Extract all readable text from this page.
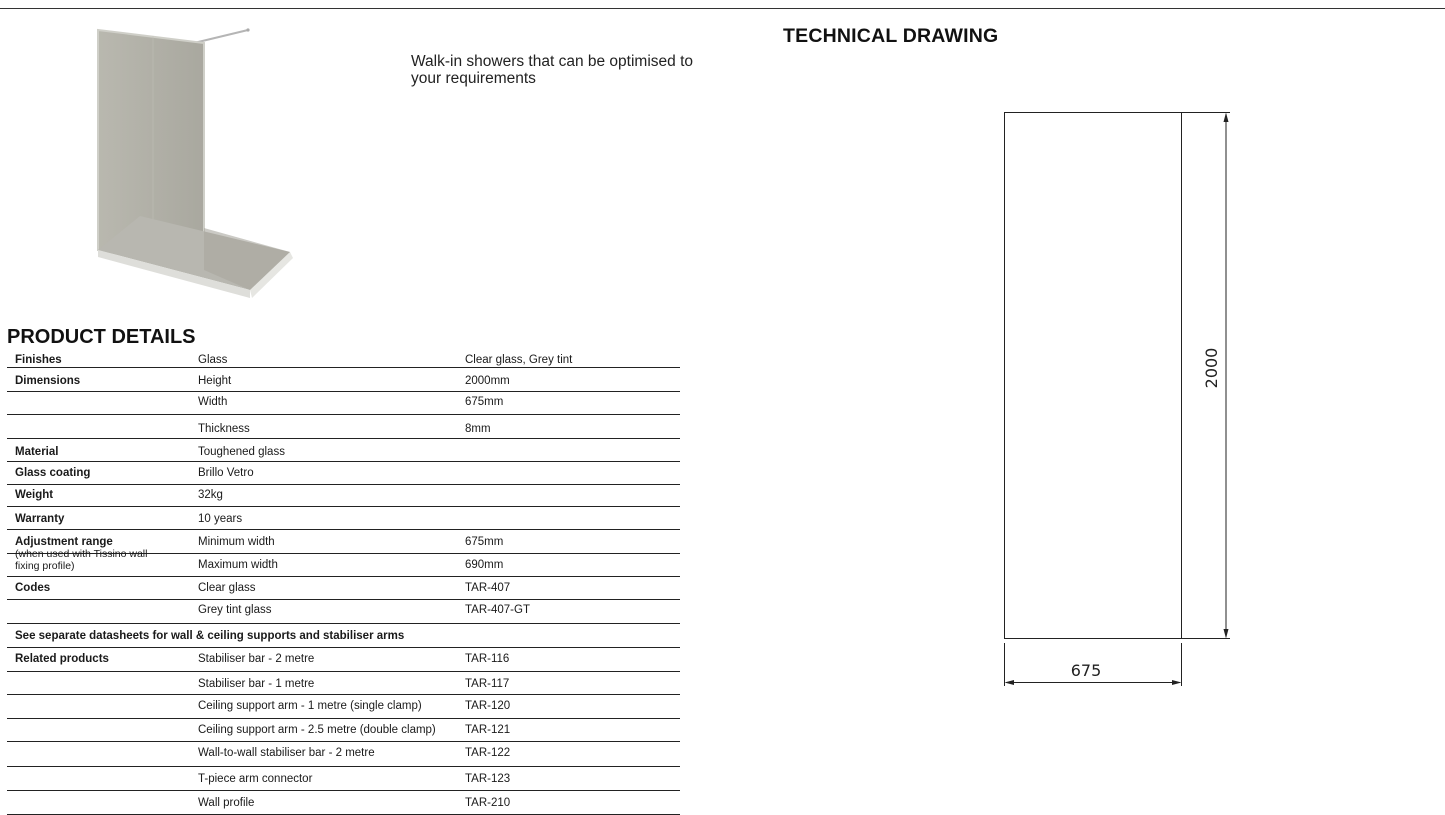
Walk-in showers that can be optimised to your requirements
TECHNICAL DRAWING
2000
675
PRODUCT DETAILS
Finishes	Glass	Clear glass, Grey tint
Dimensions	Height	2000mm
Width	675mm
Thickness	8mm
Material	Toughened glass
Glass coating	Brillo Vetro
Weight	32kg
Warranty	10 years
Adjustment range
(when used with Tissino wall fixing profile)
Minimum width	675mm
Maximum width	690mm
Codes	Clear glass	TAR-407
Grey tint glass	TAR-407-GT
See separate datasheets for wall & ceiling supports and stabiliser arms
Related products	Stabiliser bar - 2 metre	TAR-116
Stabiliser bar - 1 metre	TAR-117
Ceiling support arm - 1 metre (single clamp)	TAR-120
Ceiling support arm - 2.5 metre (double clamp)	TAR-121
Wall-to-wall stabiliser bar - 2 metre	TAR-122
T-piece arm connector	TAR-123
Wall profile	TAR-210
